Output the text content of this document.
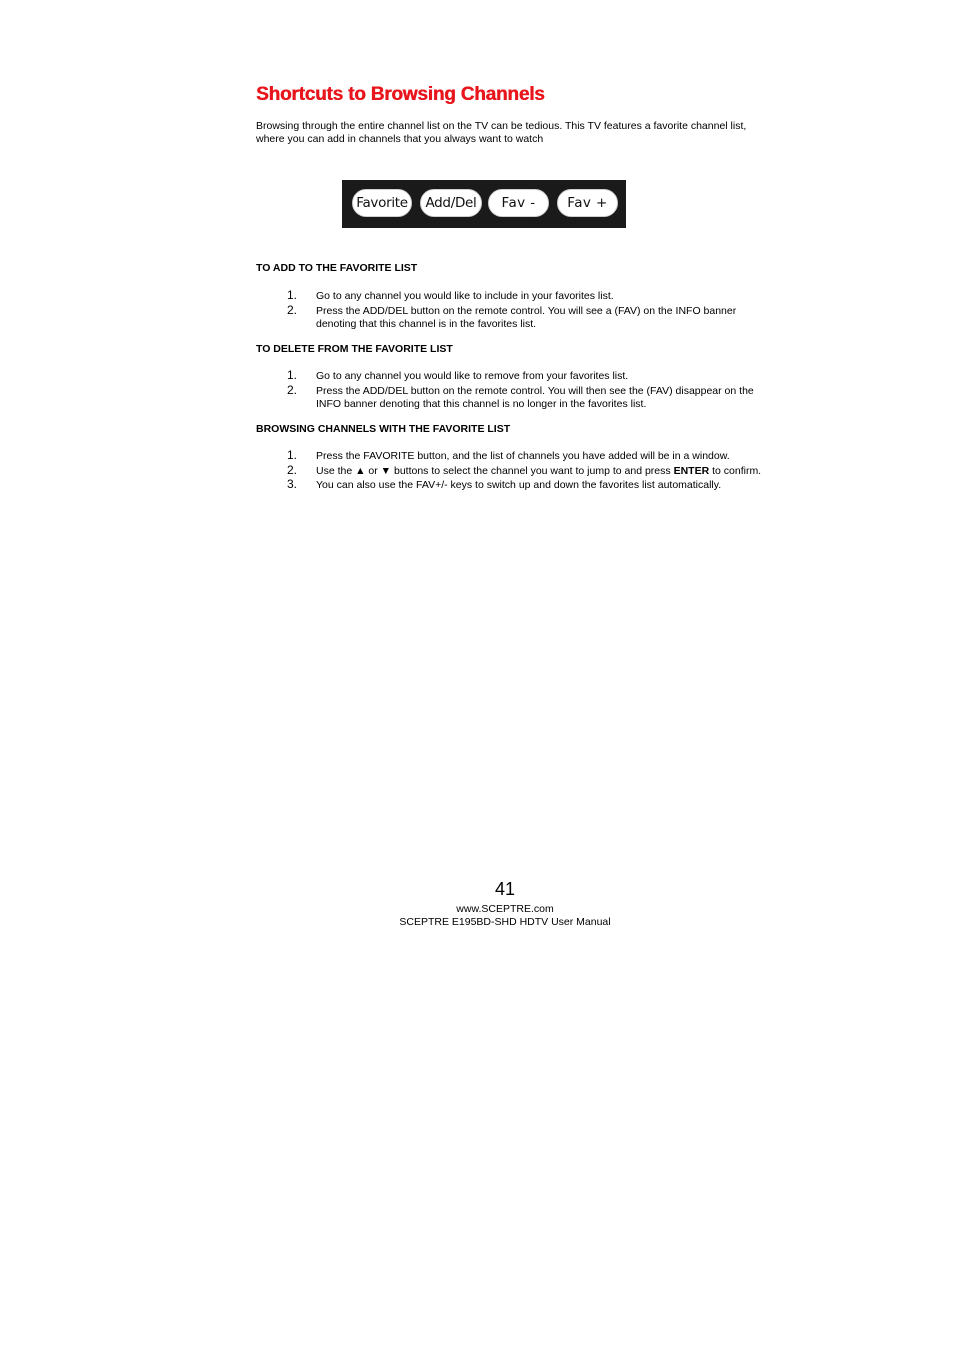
Shortcuts to Browsing Channels

Browsing through the entire channel list on the TV can be tedious. This TV features a favorite channel list, where you can add in channels that you always want to watch

Favorite	Add/Del	Fav -	Fav +
TO ADD TO THE FAVORITE LIST
1. Go to any channel you would like to include in your favorites list.
2. Press the ADD/DEL button on the remote control. You will see a (FAV) on the INFO banner denoting that this channel is in the favorites list.
TO DELETE FROM THE FAVORITE LIST
1. Go to any channel you would like to remove from your favorites list.
2. Press the ADD/DEL button on the remote control. You will then see the (FAV) disappear on the INFO banner denoting that this channel is no longer in the favorites list.
BROWSING CHANNELS WITH THE FAVORITE LIST
1. Press the FAVORITE button, and the list of channels you have added will be in a window.
2. Use the ▲ or ▼ buttons to select the channel you want to jump to and press ENTER to confirm.
3. You can also use the FAV+/- keys to switch up and down the favorites list automatically.
41
www.SCEPTRE.com
SCEPTRE E195BD-SHD HDTV User Manual
